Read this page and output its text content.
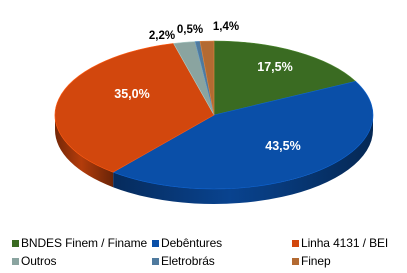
17,5%
43,5%
35,0%
2,2% 0,5% 1,4%
BNDES Finem / Finame Debêntures	Linha 4131 / BEI
Outros	Eletrobrás	Finep
